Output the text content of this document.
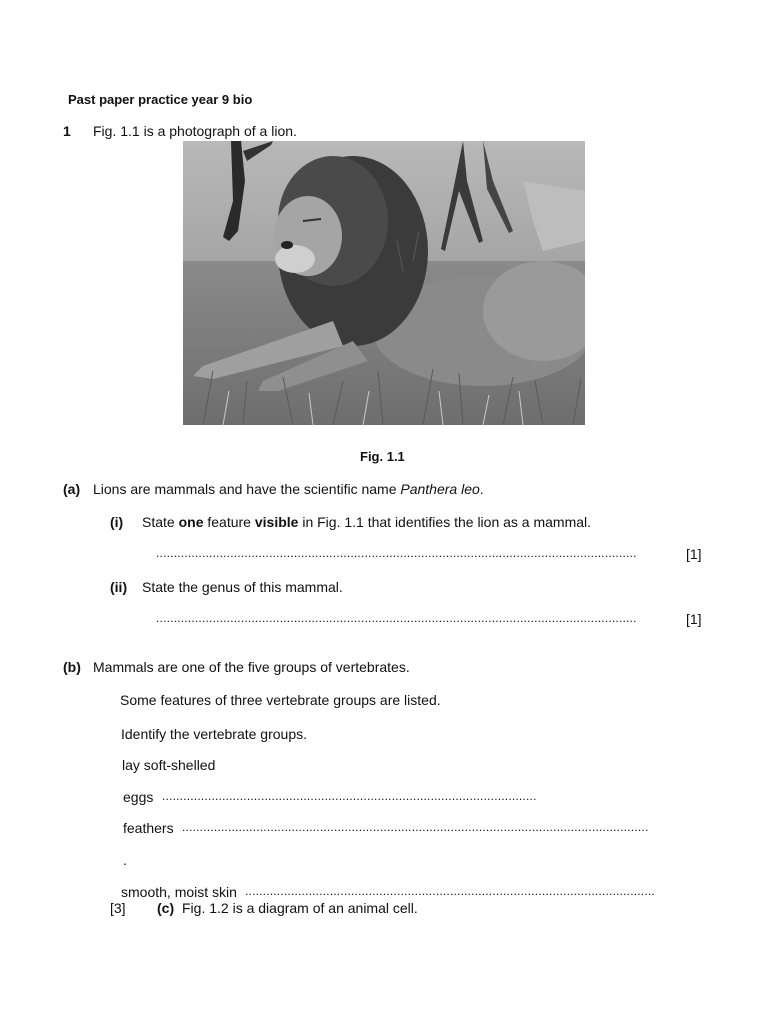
Past paper practice year 9 bio
1 Fig. 1.1 is a photograph of a lion.
Fig. 1.1
(a) Lions are mammals and have the scientific name Panthera leo.
(i) State one feature visible in Fig. 1.1 that identifies the lion as a mammal.
........................................................................................................................................	[1]
(ii) State the genus of this mammal.
........................................................................................................................................	[1]
(b) Mammals are one of the five groups of vertebrates.
Some features of three vertebrate groups are listed.
Identify the vertebrate groups.
lay soft-shelled
eggs ..........................................................................................................
feathers ....................................................................................................................................
.
smooth, moist skin ....................................................................................................................
[3] (c) Fig. 1.2 is a diagram of an animal cell.
